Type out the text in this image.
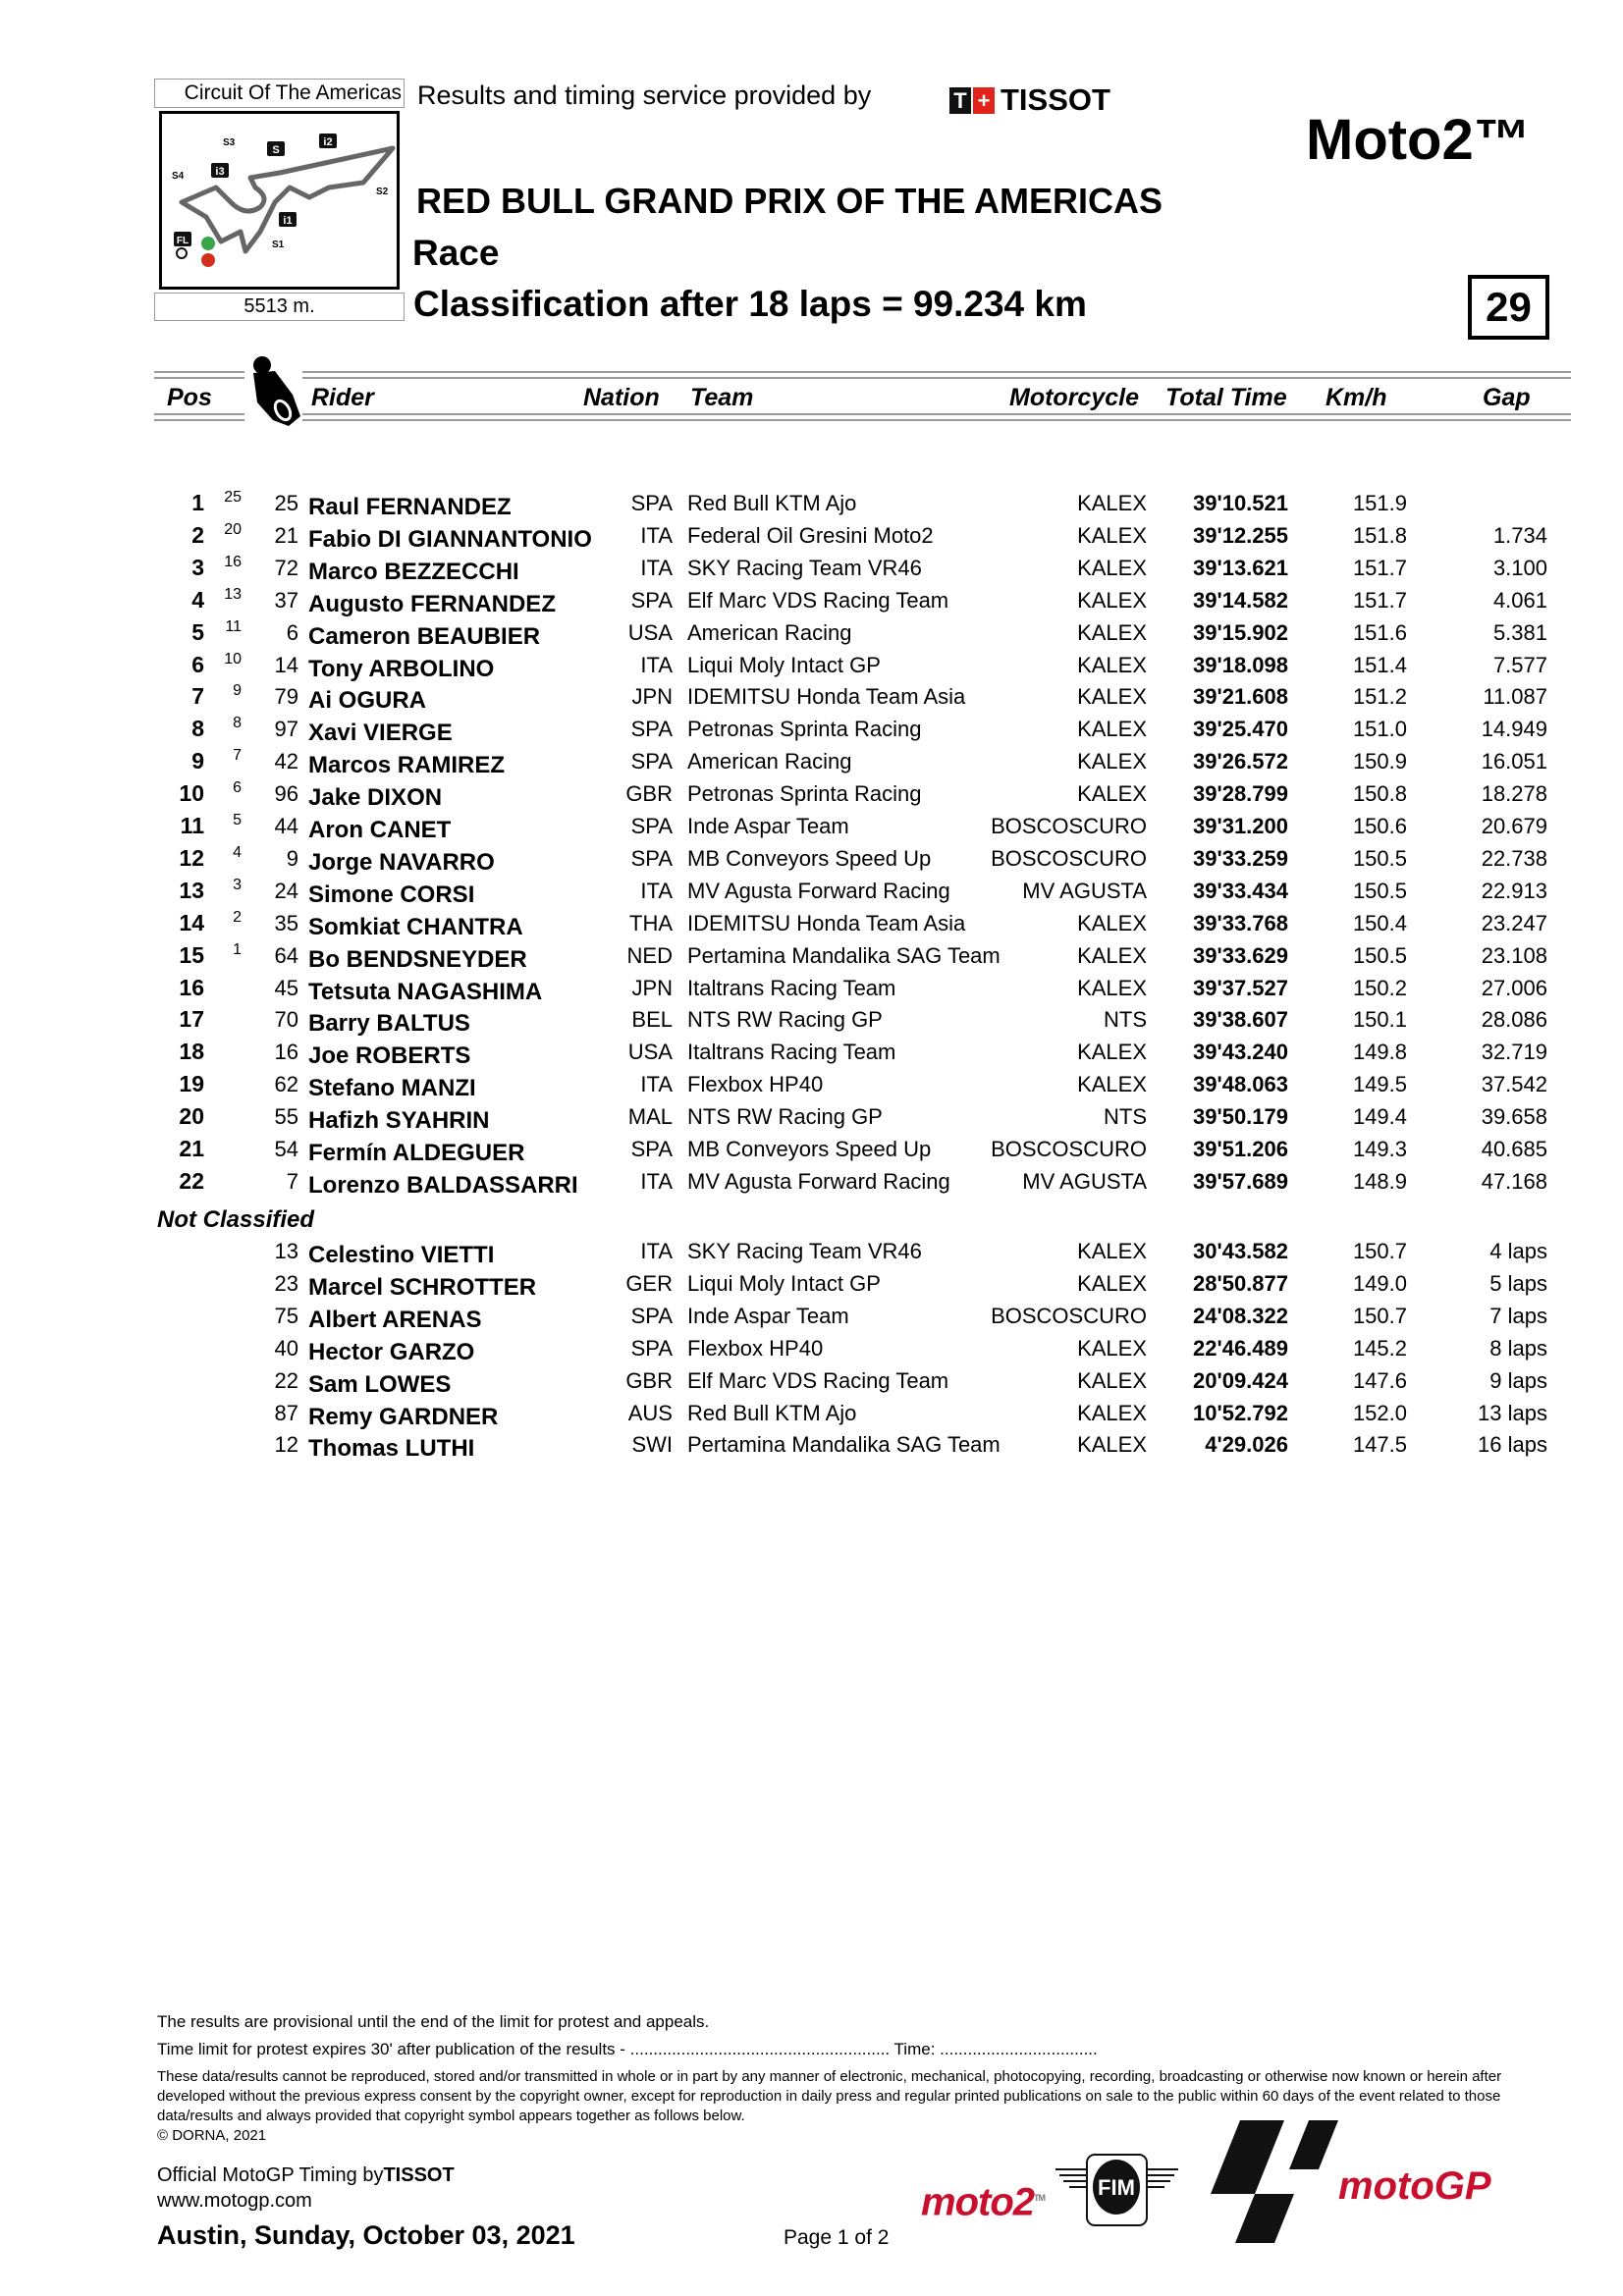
Circuit Of The Americas
S
i2
i3
i1
FL
S3
S4
S2
S1
5513 m.
Results and timing service provided by	T + TISSOT
Moto2™
RED BULL GRAND PRIX OF THE AMERICAS
Race
Classification after 18 laps = 99.234 km	29
Pos	Rider	Nation Team	Motorcycle Total Time Km/h	Gap
1	25	25 Raul FERNANDEZ	SPA Red Bull KTM Ajo	KALEX	39'10.521	151.9
2	20	21 Fabio DI GIANNANTONIO	ITA Federal Oil Gresini Moto2	KALEX	39'12.255	151.8	1.734
3	16	72 Marco BEZZECCHI	ITA SKY Racing Team VR46	KALEX	39'13.621	151.7	3.100
4	13	37 Augusto FERNANDEZ	SPA Elf Marc VDS Racing Team	KALEX	39'14.582	151.7	4.061
5	11	6 Cameron BEAUBIER	USA American Racing	KALEX	39'15.902	151.6	5.381
6	10	14 Tony ARBOLINO	ITA Liqui Moly Intact GP	KALEX	39'18.098	151.4	7.577
7	9	79 Ai OGURA	JPN IDEMITSU Honda Team Asia	KALEX	39'21.608	151.2	11.087
8	8	97 Xavi VIERGE	SPA Petronas Sprinta Racing	KALEX	39'25.470	151.0	14.949
9	7	42 Marcos RAMIREZ	SPA American Racing	KALEX	39'26.572	150.9	16.051
10	6	96 Jake DIXON	GBR Petronas Sprinta Racing	KALEX	39'28.799	150.8	18.278
11	5	44 Aron CANET	SPA Inde Aspar Team	BOSCOSCURO	39'31.200	150.6	20.679
12	4	9 Jorge NAVARRO	SPA MB Conveyors Speed Up	BOSCOSCURO	39'33.259	150.5	22.738
13	3	24 Simone CORSI	ITA MV Agusta Forward Racing	MV AGUSTA	39'33.434	150.5	22.913
14	2	35 Somkiat CHANTRA	THA IDEMITSU Honda Team Asia	KALEX	39'33.768	150.4	23.247
15	1	64 Bo BENDSNEYDER	NED Pertamina Mandalika SAG Team	KALEX	39'33.629	150.5	23.108
16	45 Tetsuta NAGASHIMA	JPN Italtrans Racing Team	KALEX	39'37.527	150.2	27.006
17	70 Barry BALTUS	BEL NTS RW Racing GP	NTS	39'38.607	150.1	28.086
18	16 Joe ROBERTS	USA Italtrans Racing Team	KALEX	39'43.240	149.8	32.719
19	62 Stefano MANZI	ITA Flexbox HP40	KALEX	39'48.063	149.5	37.542
20	55 Hafizh SYAHRIN	MAL NTS RW Racing GP	NTS	39'50.179	149.4	39.658
21	54 Fermín ALDEGUER	SPA MB Conveyors Speed Up	BOSCOSCURO	39'51.206	149.3	40.685
22	7 Lorenzo BALDASSARRI	ITA MV Agusta Forward Racing	MV AGUSTA	39'57.689	148.9	47.168
Not Classified
13 Celestino VIETTI	ITA SKY Racing Team VR46	KALEX	30'43.582	150.7	4 laps
23 Marcel SCHROTTER	GER Liqui Moly Intact GP	KALEX	28'50.877	149.0	5 laps
75 Albert ARENAS	SPA Inde Aspar Team	BOSCOSCURO	24'08.322	150.7	7 laps
40 Hector GARZO	SPA Flexbox HP40	KALEX	22'46.489	145.2	8 laps
22 Sam LOWES	GBR Elf Marc VDS Racing Team	KALEX	20'09.424	147.6	9 laps
87 Remy GARDNER	AUS Red Bull KTM Ajo	KALEX	10'52.792	152.0	13 laps
12 Thomas LUTHI	SWI Pertamina Mandalika SAG Team	KALEX	4'29.026	147.5	16 laps
The results are provisional until the end of the limit for protest and appeals.
Time limit for protest expires 30' after publication of the results - ........................................................ Time: ..................................
These data/results cannot be reproduced, stored and/or transmitted in whole or in part by any manner of electronic, mechanical, photocopying, recording, broadcasting or otherwise now known or herein after developed without the previous express consent by the copyright owner, except for reproduction in daily press and regular printed publications on sale to the public within 60 days of the event related to those data/results and always provided that copyright symbol appears together as follows below.
© DORNA, 2021
Official MotoGP Timing byTISSOT
www.motogp.com
Austin, Sunday, October 03, 2021	Page 1 of 2
moto2™ FIM	motoGP
